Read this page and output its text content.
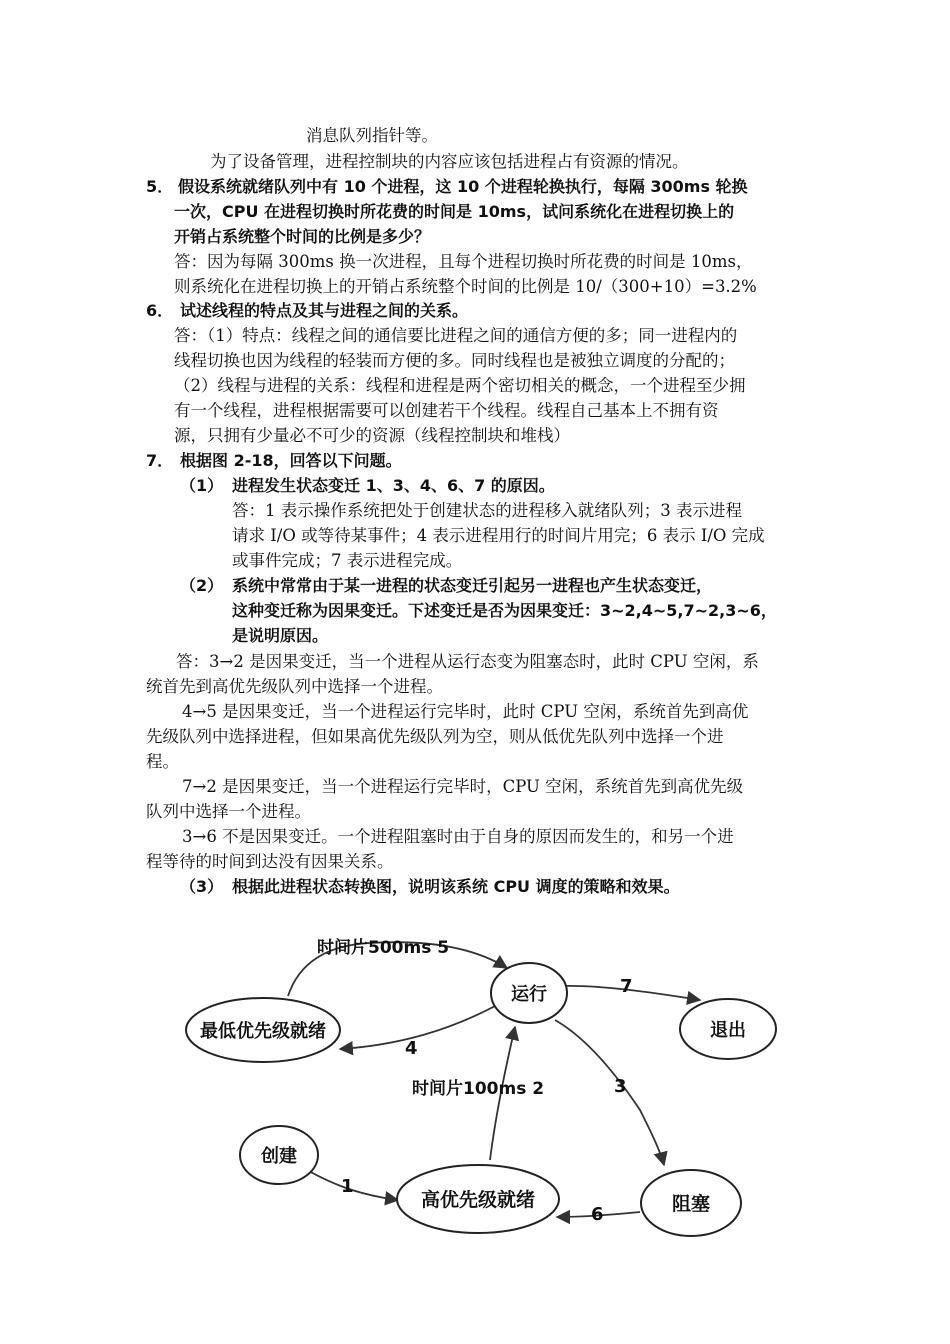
消息队列指针等。
为了设备管理，进程控制块的内容应该包括进程占有资源的情况。
5． 假设系统就绪队列中有 10 个进程，这 10 个进程轮换执行，每隔 300ms 轮换
一次，CPU 在进程切换时所花费的时间是 10ms，试问系统化在进程切换上的
开销占系统整个时间的比例是多少？
答：因为每隔 300ms 换一次进程，且每个进程切换时所花费的时间是 10ms，
则系统化在进程切换上的开销占系统整个时间的比例是 10/（300+10）=3.2%
6． 试述线程的特点及其与进程之间的关系。
答：（1）特点：线程之间的通信要比进程之间的通信方便的多；同一进程内的
线程切换也因为线程的轻装而方便的多。同时线程也是被独立调度的分配的；
（2）线程与进程的关系：线程和进程是两个密切相关的概念，一个进程至少拥
有一个线程，进程根据需要可以创建若干个线程。线程自己基本上不拥有资
源，只拥有少量必不可少的资源（线程控制块和堆栈）
7． 根据图 2-18，回答以下问题。
（1） 进程发生状态变迁 1、3、4、6、7 的原因。
答：1 表示操作系统把处于创建状态的进程移入就绪队列；3 表示进程
请求 I/O 或等待某事件；4 表示进程用行的时间片用完；6 表示 I/O 完成
或事件完成；7 表示进程完成。
（2） 系统中常常由于某一进程的状态变迁引起另一进程也产生状态变迁，
这种变迁称为因果变迁。下述变迁是否为因果变迁：3~2,4~5,7~2,3~6，
是说明原因。
答：3→2 是因果变迁，当一个进程从运行态变为阻塞态时，此时 CPU 空闲，系
统首先到高优先级队列中选择一个进程。
4→5 是因果变迁，当一个进程运行完毕时，此时 CPU 空闲，系统首先到高优
先级队列中选择进程，但如果高优先级队列为空，则从低优先队列中选择一个进
程。
7→2 是因果变迁，当一个进程运行完毕时，CPU 空闲，系统首先到高优先级
队列中选择一个进程。
3→6 不是因果变迁。一个进程阻塞时由于自身的原因而发生的，和另一个进
程等待的时间到达没有因果关系。
（3） 根据此进程状态转换图，说明该系统 CPU 调度的策略和效果。
运行
退出
最低优先级就绪
创建
高优先级就绪	阻塞
时间片500ms 5
7
4
时间片100ms 2	3
1
6
